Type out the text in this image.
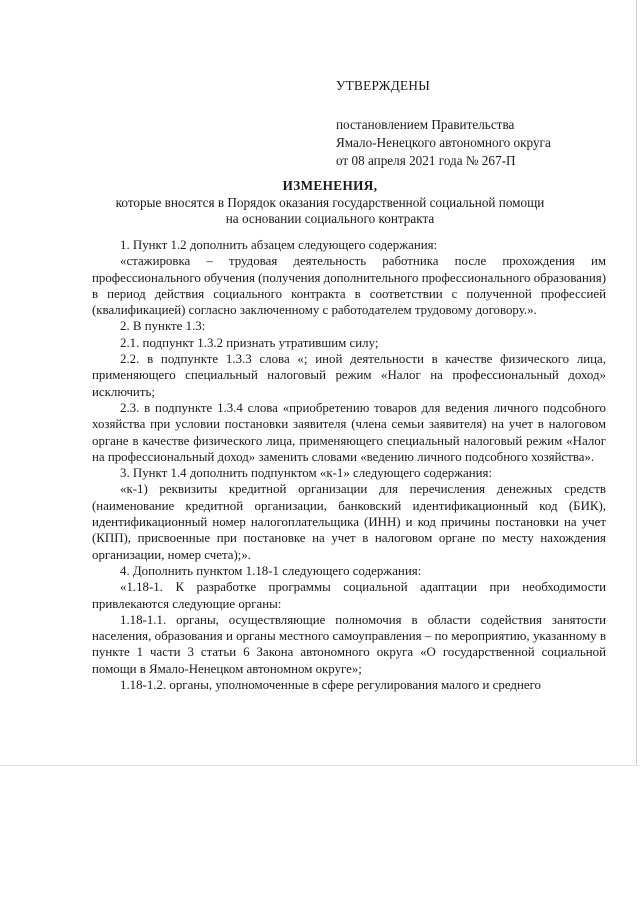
УТВЕРЖДЕНЫ
постановлением Правительства
Ямало-Ненецкого автономного округа
от 08 апреля 2021 года № 267-П
ИЗМЕНЕНИЯ,
которые вносятся в Порядок оказания государственной социальной помощи
на основании социального контракта

1. Пункт 1.2 дополнить абзацем следующего содержания:

«стажировка – трудовая деятельность работника после прохождения им профессионального обучения (получения дополнительного профессионального образования) в период действия социального контракта в соответствии с полученной профессией (квалификацией) согласно заключенному с работодателем трудовому договору.».

2. В пункте 1.3:

2.1. подпункт 1.3.2 признать утратившим силу;

2.2. в подпункте 1.3.3 слова «; иной деятельности в качестве физического лица, применяющего специальный налоговый режим «Налог на профессиональный доход» исключить;

2.3. в подпункте 1.3.4 слова «приобретению товаров для ведения личного подсобного хозяйства при условии постановки заявителя (члена семьи заявителя) на учет в налоговом органе в качестве физического лица, применяющего специальный налоговый режим «Налог на профессиональный доход» заменить словами «ведению личного подсобного хозяйства».

3. Пункт 1.4 дополнить подпунктом «к-1» следующего содержания:

«к-1) реквизиты кредитной организации для перечисления денежных средств (наименование кредитной организации, банковский идентификационный код (БИК), идентификационный номер налогоплательщика (ИНН) и код причины постановки на учет (КПП), присвоенные при постановке на учет в налоговом органе по месту нахождения организации, номер счета);».

4. Дополнить пунктом 1.18-1 следующего содержания:

«1.18-1. К разработке программы социальной адаптации при необходимости привлекаются следующие органы:

1.18-1.1. органы, осуществляющие полномочия в области содействия занятости населения, образования и органы местного самоуправления – по мероприятию, указанному в пункте 1 части 3 статьи 6 Закона автономного округа «О государственной социальной помощи в Ямало-Ненецком автономном округе»;

1.18-1.2. органы, уполномоченные в сфере регулирования малого и среднего
